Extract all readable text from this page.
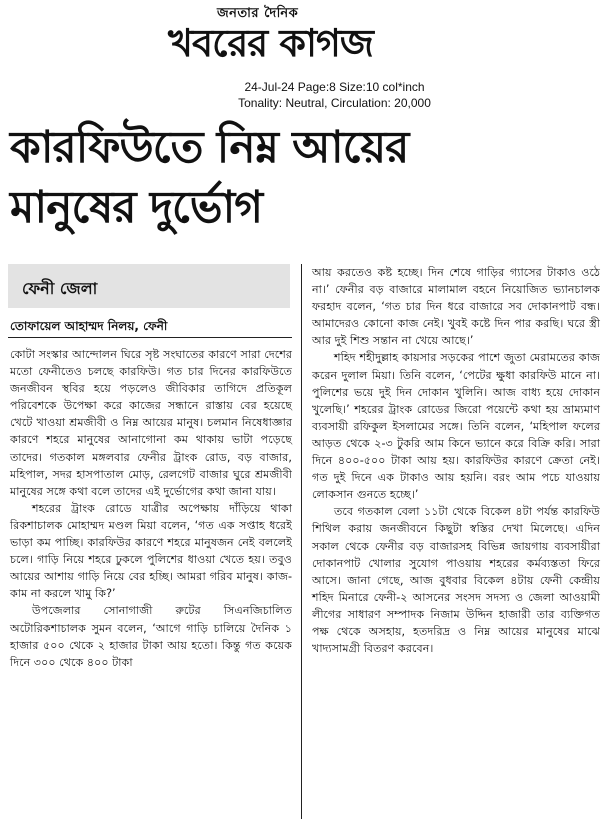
জনতার দৈনিক
খবরের কাগজ
24-Jul-24 Page:8 Size:10 col*inch
Tonality: Neutral, Circulation: 20,000
কারফিউতে নিম্ন আয়ের
মানুষের দুর্ভোগ
ফেনী জেলা
তোফায়েল আহাম্মদ নিলয়, ফেনী

কোটা সংস্কার আন্দোলন ঘিরে সৃষ্ট সংঘাতের কারণে সারা দেশের মতো ফেনীতেও চলছে কারফিউ। গত চার দিনের কারফিউতে জনজীবন স্থবির হয়ে পড়লেও জীবিকার তাগিদে প্রতিকূল পরিবেশকে উপেক্ষা করে কাজের সন্ধানে রাস্তায় বের হয়েছে খেটে খাওয়া শ্রমজীবী ও নিম্ন আয়ের মানুষ। চলমান নিষেধাজ্ঞার কারণে শহরে মানুষের আনাগোনা কম থাকায় ভাটা পড়েছে তাদের। গতকাল মঙ্গলবার ফেনীর ট্রাংক রোড, বড় বাজার, মহিপাল, সদর হাসপাতাল মোড়, রেলগেট বাজার ঘুরে শ্রমজীবী মানুষের সঙ্গে কথা বলে তাদের এই দুর্ভোগের কথা জানা যায়।

শহরের ট্রাংক রোডে যাত্রীর অপেক্ষায় দাঁড়িয়ে থাকা রিকশাচালক মোহাম্মদ মণ্ডল মিয়া বলেন, ‘গত এক সপ্তাহ ধরেই ভাড়া কম পাচ্ছি। কারফিউর কারণে শহরে মানুষজন নেই বললেই চলে। গাড়ি নিয়ে শহরে ঢুকলে পুলিশের ধাওয়া খেতে হয়। তবুও আয়ের আশায় গাড়ি নিয়ে বের হচ্ছি। আমরা গরিব মানুষ। কাজ-কাম না করলে খামু কি?’

উপজেলার সোনাগাজী রুটের সিএনজিচালিত অটোরিকশাচালক সুমন বলেন, ‘আগে গাড়ি চালিয়ে দৈনিক ১ হাজার ৫০০ থেকে ২ হাজার টাকা আয় হতো। কিন্তু গত কয়েক দিনে ৩০০ থেকে ৪০০ টাকা

আয় করতেও কষ্ট হচ্ছে। দিন শেষে গাড়ির গ্যাসের টাকাও ওঠে না।’ ফেনীর বড় বাজারে মালামাল বহনে নিয়োজিত ভ্যানচালক ফরহাদ বলেন, ‘গত চার দিন ধরে বাজারে সব দোকানপাট বন্ধ। আমাদেরও কোনো কাজ নেই। খুবই কষ্টে দিন পার করছি। ঘরে স্ত্রী আর দুই শিশু সন্তান না খেয়ে আছে।’

শহিদ শহীদুল্লাহ কায়সার সড়কের পাশে জুতা মেরামতের কাজ করেন দুলাল মিয়া। তিনি বলেন, ‘পেটের ক্ষুধা কারফিউ মানে না। পুলিশের ভয়ে দুই দিন দোকান খুলিনি। আজ বাধ্য হয়ে দোকান খুলেছি।’ শহরের ট্রাংক রোডের জিরো পয়েন্টে কথা হয় ভ্রাম্যমাণ ব্যবসায়ী রফিকুল ইসলামের সঙ্গে। তিনি বলেন, ‘মহিপাল ফলের আড়ত থেকে ২-৩ টুকরি আম কিনে ভ্যানে করে বিক্রি করি। সারা দিনে ৪০০-৫০০ টাকা আয় হয়। কারফিউর কারণে ক্রেতা নেই। গত দুই দিনে এক টাকাও আয় হয়নি। বরং আম পচে যাওয়ায় লোকসান গুনতে হচ্ছে।’

তবে গতকাল বেলা ১১টা থেকে বিকেল ৪টা পর্যন্ত কারফিউ শিথিল করায় জনজীবনে কিছুটা স্বস্তির দেখা মিলেছে। এদিন সকাল থেকে ফেনীর বড় বাজারসহ বিভিন্ন জায়গায় ব্যবসায়ীরা দোকানপাট খোলার সুযোগ পাওয়ায় শহরের কর্মব্যস্ততা ফিরে আসে। জানা গেছে, আজ বুধবার বিকেল ৪টায় ফেনী কেন্দ্রীয় শহিদ মিনারে ফেনী-২ আসনের সংসদ সদস্য ও জেলা আওয়ামী লীগের সাধারণ সম্পাদক নিজাম উদ্দিন হাজারী তার ব্যক্তিগত পক্ষ থেকে অসহায়, হতদরিদ্র ও নিম্ন আয়ের মানুষের মাঝে খাদ্যসামগ্রী বিতরণ করবেন।
